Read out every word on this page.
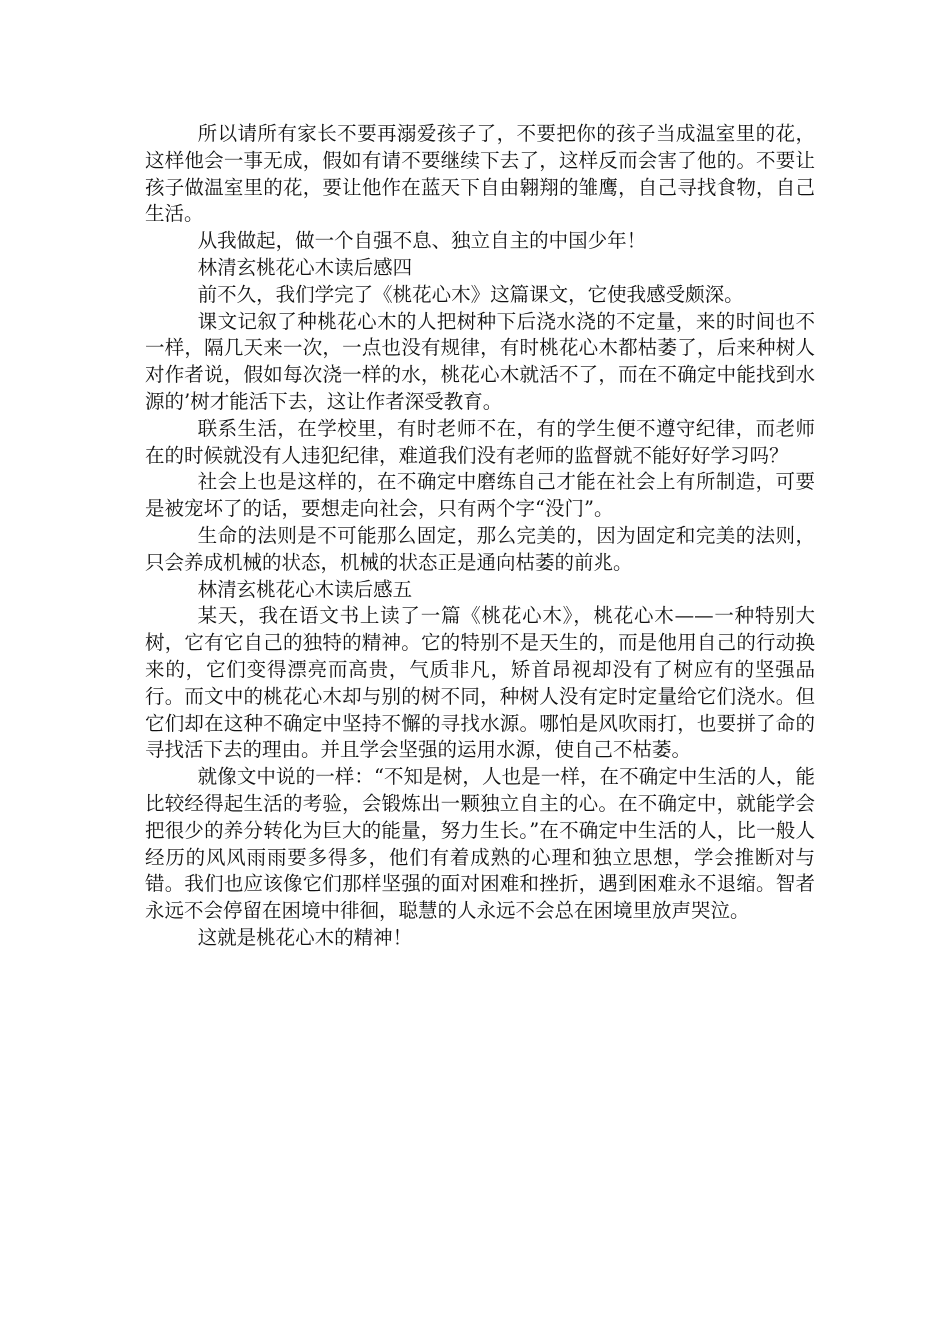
所以请所有家长不要再溺爱孩子了，不要把你的孩子当成温室里的花，这样他会一事无成，假如有请不要继续下去了，这样反而会害了他的。不要让孩子做温室里的花，要让他作在蓝天下自由翱翔的雏鹰，自己寻找食物，自己生活。

从我做起，做一个自强不息、独立自主的中国少年！

林清玄桃花心木读后感四

前不久，我们学完了《桃花心木》这篇课文，它使我感受颇深。

课文记叙了种桃花心木的人把树种下后浇水浇的不定量，来的时间也不一样，隔几天来一次，一点也没有规律，有时桃花心木都枯萎了，后来种树人对作者说，假如每次浇一样的水，桃花心木就活不了，而在不确定中能找到水源的’树才能活下去，这让作者深受教育。

联系生活，在学校里，有时老师不在，有的学生便不遵守纪律，而老师在的时候就没有人违犯纪律，难道我们没有老师的监督就不能好好学习吗？

社会上也是这样的，在不确定中磨练自己才能在社会上有所制造，可要是被宠坏了的话，要想走向社会，只有两个字“没门”。

生命的法则是不可能那么固定，那么完美的，因为固定和完美的法则，只会养成机械的状态，机械的状态正是通向枯萎的前兆。

林清玄桃花心木读后感五

某天，我在语文书上读了一篇《桃花心木》，桃花心木——一种特别大树，它有它自己的独特的精神。它的特别不是天生的，而是他用自己的行动换来的，它们变得漂亮而高贵，气质非凡，矫首昂视却没有了树应有的坚强品行。而文中的桃花心木却与别的树不同，种树人没有定时定量给它们浇水。但它们却在这种不确定中坚持不懈的寻找水源。哪怕是风吹雨打，也要拼了命的寻找活下去的理由。并且学会坚强的运用水源，使自己不枯萎。

就像文中说的一样：“不知是树，人也是一样，在不确定中生活的人，能比较经得起生活的考验，会锻炼出一颗独立自主的心。在不确定中，就能学会把很少的养分转化为巨大的能量，努力生长。”在不确定中生活的人，比一般人经历的风风雨雨要多得多，他们有着成熟的心理和独立思想，学会推断对与错。我们也应该像它们那样坚强的面对困难和挫折，遇到困难永不退缩。智者永远不会停留在困境中徘徊，聪慧的人永远不会总在困境里放声哭泣。

这就是桃花心木的精神！
